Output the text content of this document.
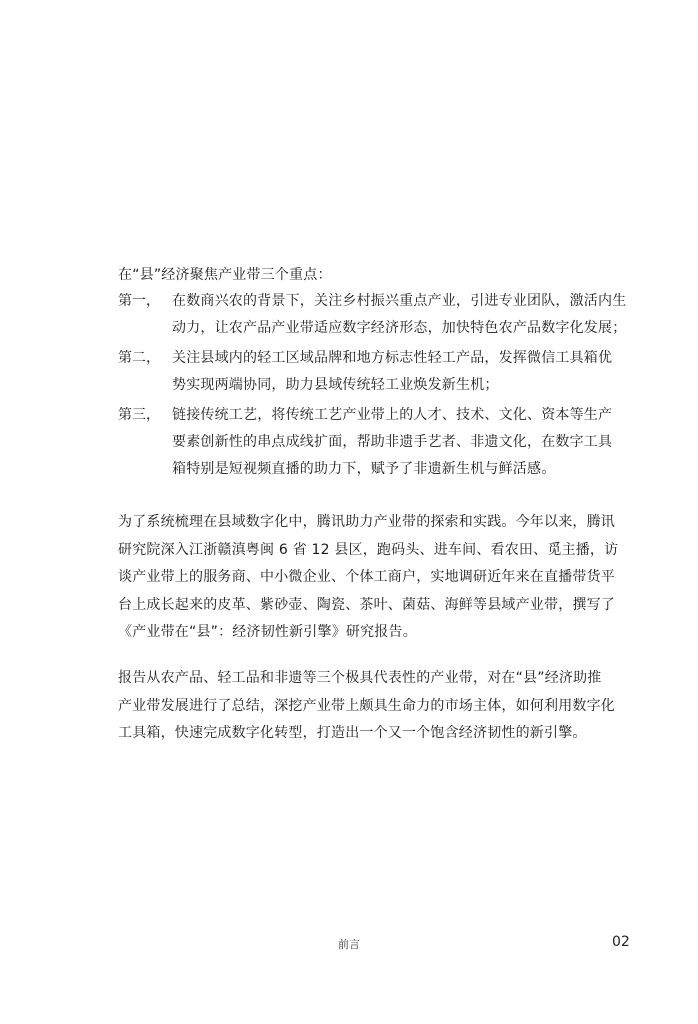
在“县”经济聚焦产业带三个重点：
第一， 在数商兴农的背景下，关注乡村振兴重点产业，引进专业团队，激活内生
动力，让农产品产业带适应数字经济形态，加快特色农产品数字化发展；
第二， 关注县域内的轻工区域品牌和地方标志性轻工产品，发挥微信工具箱优
势实现两端协同，助力县域传统轻工业焕发新生机；
第三， 链接传统工艺，将传统工艺产业带上的人才、技术、文化、资本等生产
要素创新性的串点成线扩面，帮助非遗手艺者、非遗文化，在数字工具
箱特别是短视频直播的助力下，赋予了非遗新生机与鲜活感。
为了系统梳理在县域数字化中，腾讯助力产业带的探索和实践。今年以来，腾讯
研究院深入江浙赣滇粤闽 6 省 12 县区，跑码头、进车间、看农田、觅主播，访
谈产业带上的服务商、中小微企业、个体工商户，实地调研近年来在直播带货平
台上成长起来的皮革、紫砂壶、陶瓷、茶叶、菌菇、海鲜等县域产业带，撰写了
《产业带在“县”：经济韧性新引擎》研究报告。
报告从农产品、轻工品和非遗等三个极具代表性的产业带，对在“县”经济助推
产业带发展进行了总结，深挖产业带上颇具生命力的市场主体，如何利用数字化
工具箱，快速完成数字化转型，打造出一个又一个饱含经济韧性的新引擎。
前言	02
